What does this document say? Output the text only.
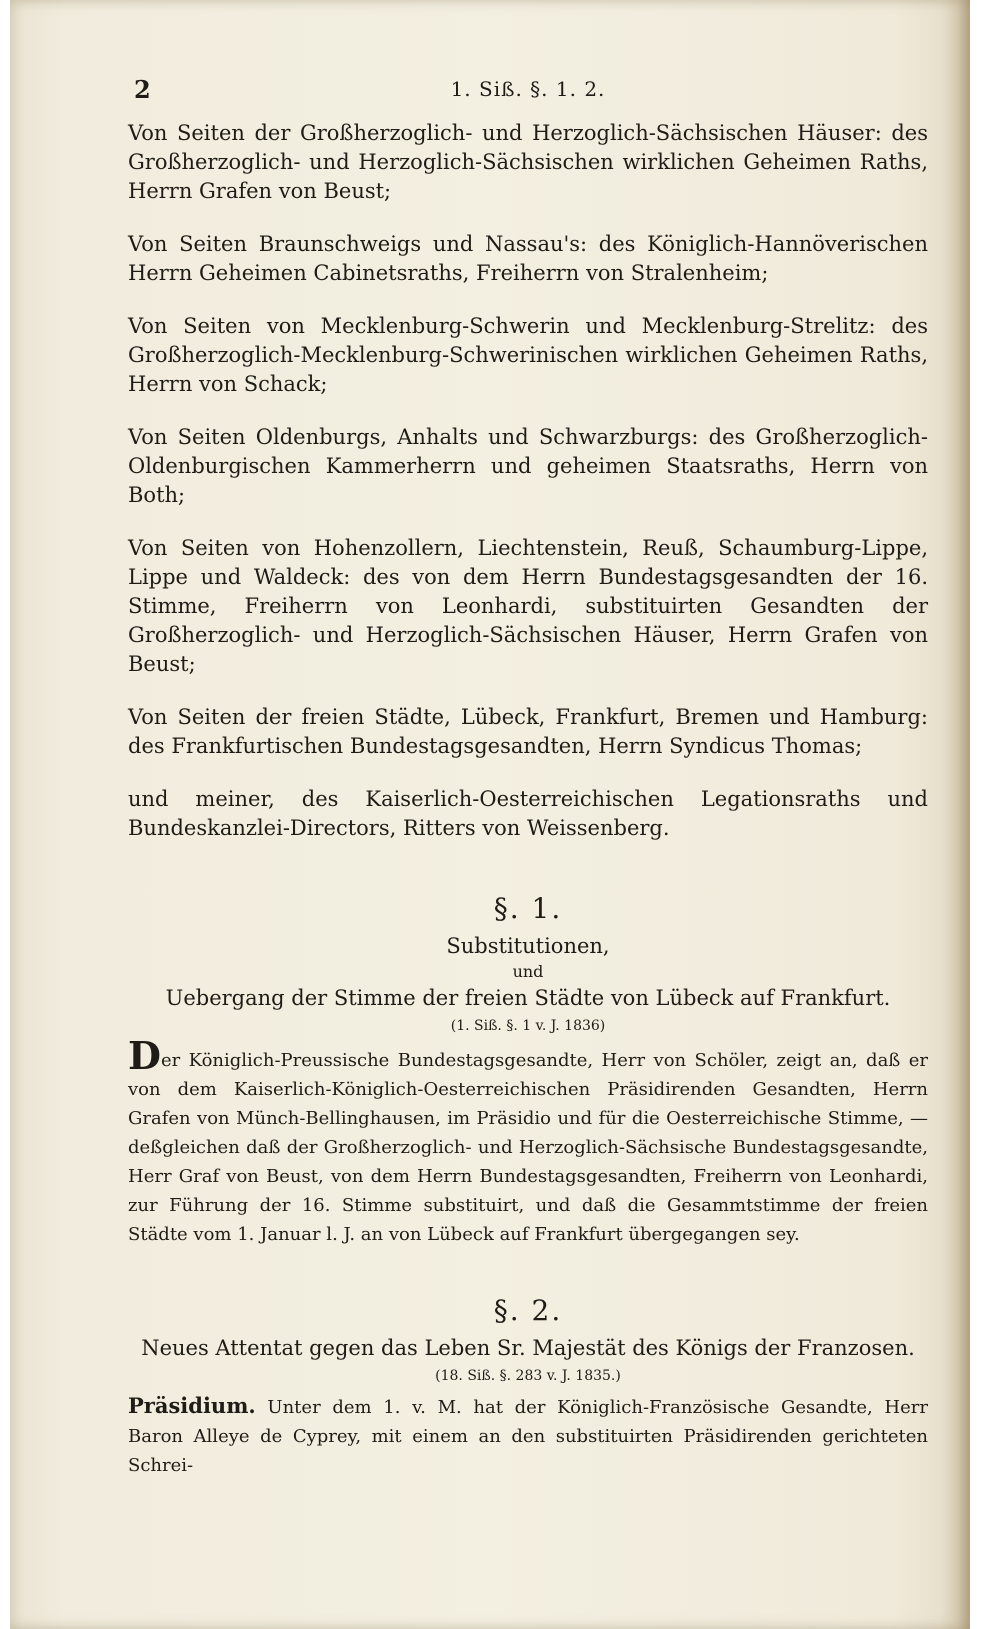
2	1. Siß. §. 1. 2.

Von Seiten der Großherzoglich- und Herzoglich-Sächsischen Häuser: des Großherzoglich- und Herzoglich-Sächsischen wirklichen Geheimen Raths, Herrn Grafen von Beust;

Von Seiten Braunschweigs und Nassau's: des Königlich-Hannöverischen Herrn Geheimen Cabinetsraths, Freiherrn von Stralenheim;

Von Seiten von Mecklenburg-Schwerin und Mecklenburg-Strelitz: des Großherzoglich-Mecklenburg-Schwerinischen wirklichen Geheimen Raths, Herrn von Schack;

Von Seiten Oldenburgs, Anhalts und Schwarzburgs: des Großherzoglich-Oldenburgischen Kammerherrn und geheimen Staatsraths, Herrn von Both;

Von Seiten von Hohenzollern, Liechtenstein, Reuß, Schaumburg-Lippe, Lippe und Waldeck: des von dem Herrn Bundestagsgesandten der 16. Stimme, Freiherrn von Leonhardi, substituirten Gesandten der Großherzoglich- und Herzoglich-Sächsischen Häuser, Herrn Grafen von Beust;

Von Seiten der freien Städte, Lübeck, Frankfurt, Bremen und Hamburg: des Frankfurtischen Bundestagsgesandten, Herrn Syndicus Thomas;

und meiner, des Kaiserlich-Oesterreichischen Legationsraths und Bundeskanzlei-Directors, Ritters von Weissenberg.

§. 1.
Substitutionen,
und
Uebergang der Stimme der freien Städte von Lübeck auf Frankfurt.
(1. Siß. §. 1 v. J. 1836)

Der Königlich-Preussische Bundestagsgesandte, Herr von Schöler, zeigt an, daß er von dem Kaiserlich-Königlich-Oesterreichischen Präsidirenden Gesandten, Herrn Grafen von Münch-Bellinghausen, im Präsidio und für die Oesterreichische Stimme, — deßgleichen daß der Großherzoglich- und Herzoglich-Sächsische Bundestagsgesandte, Herr Graf von Beust, von dem Herrn Bundestagsgesandten, Freiherrn von Leonhardi, zur Führung der 16. Stimme substituirt, und daß die Gesammtstimme der freien Städte vom 1. Januar l. J. an von Lübeck auf Frankfurt übergegangen sey.

§. 2.
Neues Attentat gegen das Leben Sr. Majestät des Königs der Franzosen.
(18. Siß. §. 283 v. J. 1835.)

Präsidium. Unter dem 1. v. M. hat der Königlich-Französische Gesandte, Herr Baron Alleye de Cyprey, mit einem an den substituirten Präsidirenden gerichteten Schrei-
